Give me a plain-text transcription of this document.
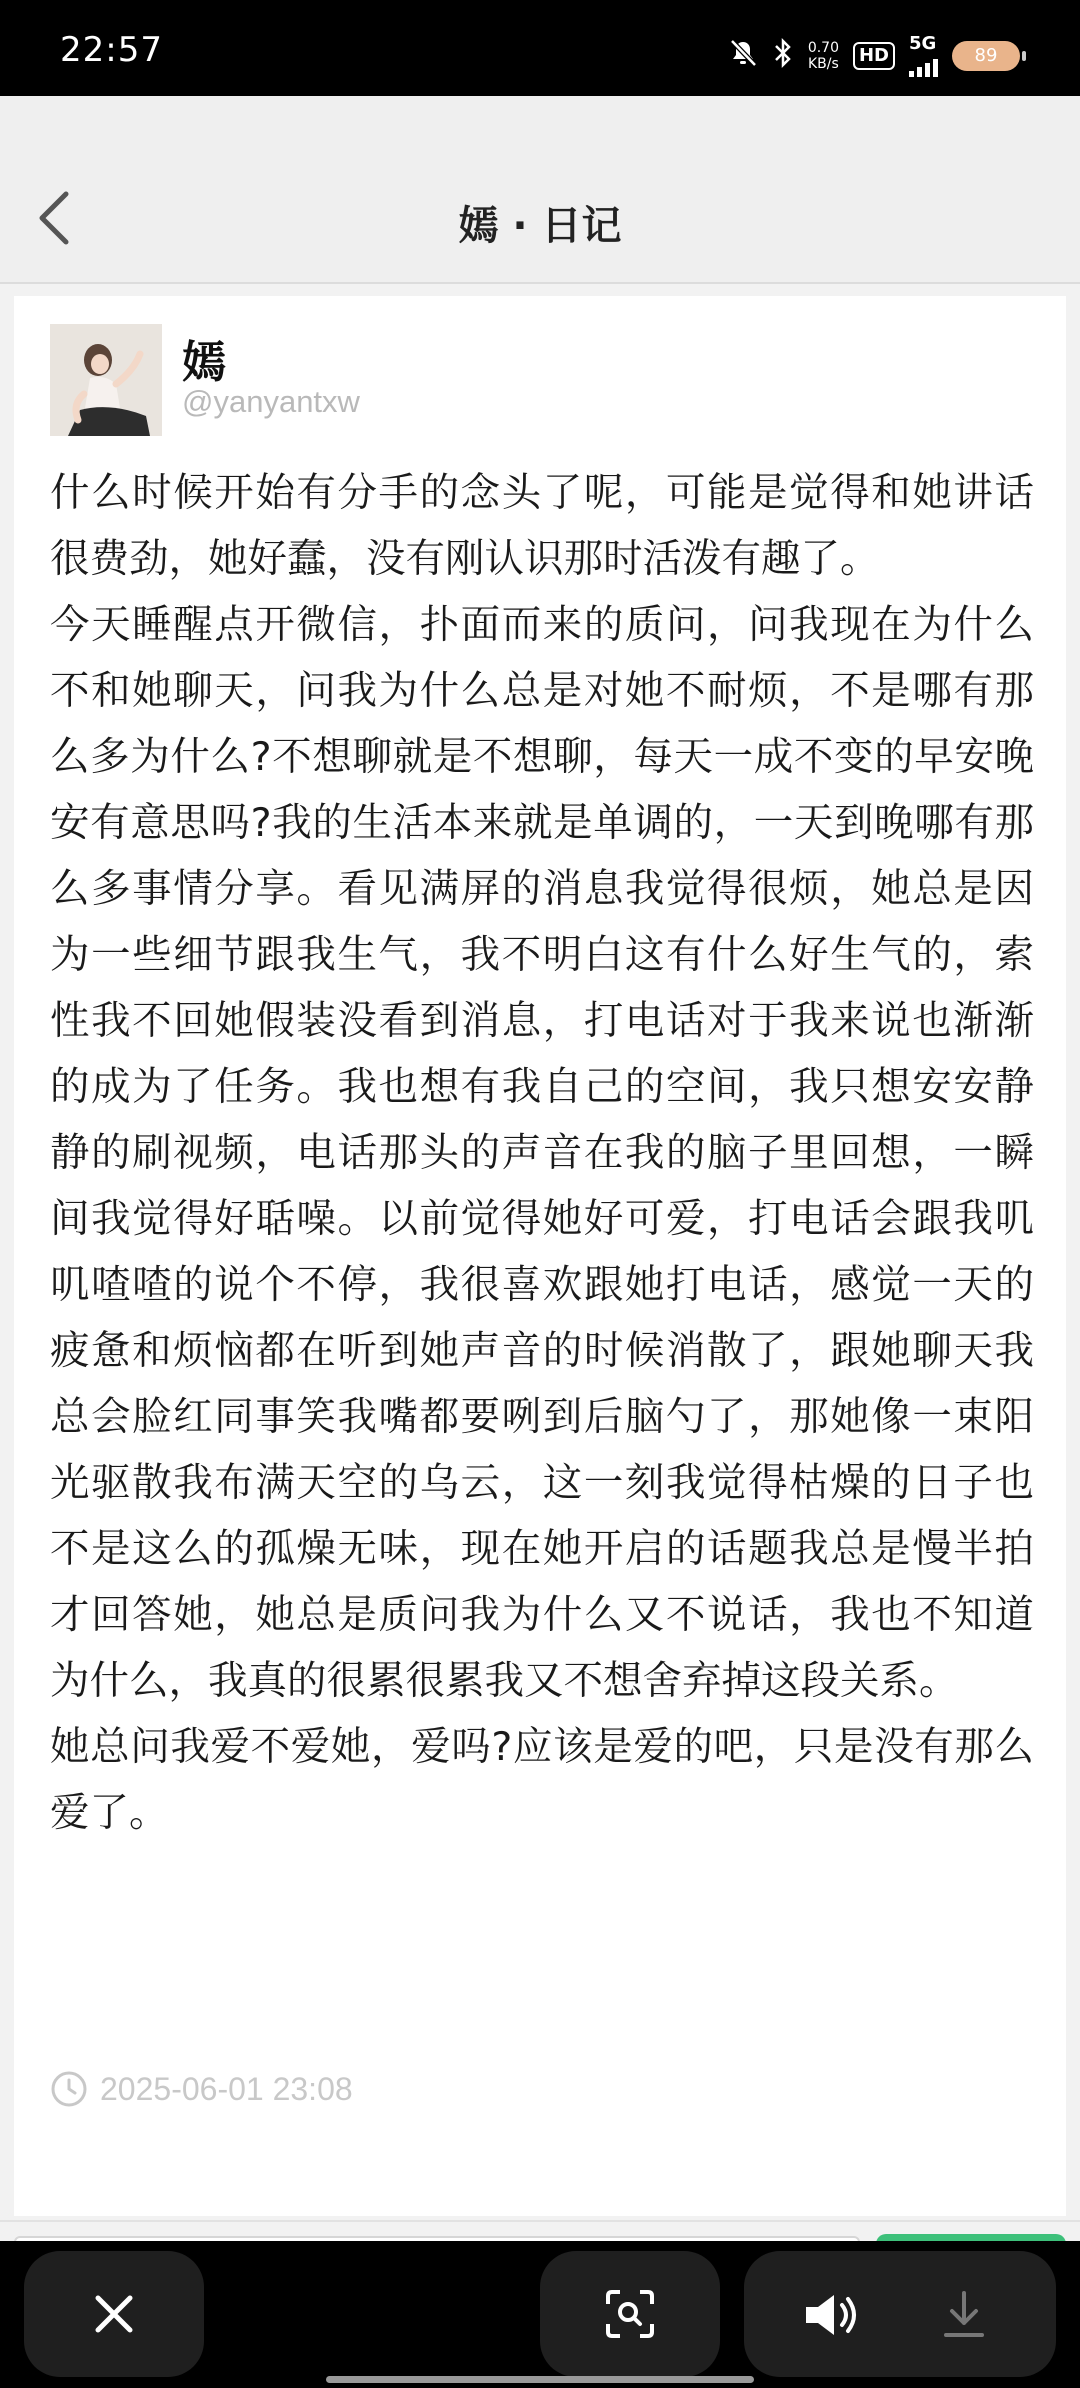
22:57	0.70
KB/s	HD
5G
89
嫣 · 日记
嫣
@yanyantxw

什么时候开始有分手的念头了呢，可能是觉得和她讲话很费劲，她好蠢，没有刚认识那时活泼有趣了。

今天睡醒点开微信，扑面而来的质问，问我现在为什么不和她聊天，问我为什么总是对她不耐烦，不是哪有那么多为什么?不想聊就是不想聊，每天一成不变的早安晚安有意思吗?我的生活本来就是单调的，一天到晚哪有那么多事情分享。看见满屏的消息我觉得很烦，她总是因为一些细节跟我生气，我不明白这有什么好生气的，索性我不回她假装没看到消息，打电话对于我来说也渐渐的成为了任务。我也想有我自己的空间，我只想安安静静的刷视频，电话那头的声音在我的脑子里回想，一瞬间我觉得好聒噪。以前觉得她好可爱，打电话会跟我叽叽喳喳的说个不停，我很喜欢跟她打电话，感觉一天的疲惫和烦恼都在听到她声音的时候消散了，跟她聊天我总会脸红同事笑我嘴都要咧到后脑勺了，那她像一束阳光驱散我布满天空的乌云，这一刻我觉得枯燥的日子也不是这么的孤燥无味，现在她开启的话题我总是慢半拍才回答她，她总是质问我为什么又不说话，我也不知道为什么，我真的很累很累我又不想舍弃掉这段关系。

她总问我爱不爱她，爱吗?应该是爱的吧，只是没有那么爱了。

2025-06-01 23:08
